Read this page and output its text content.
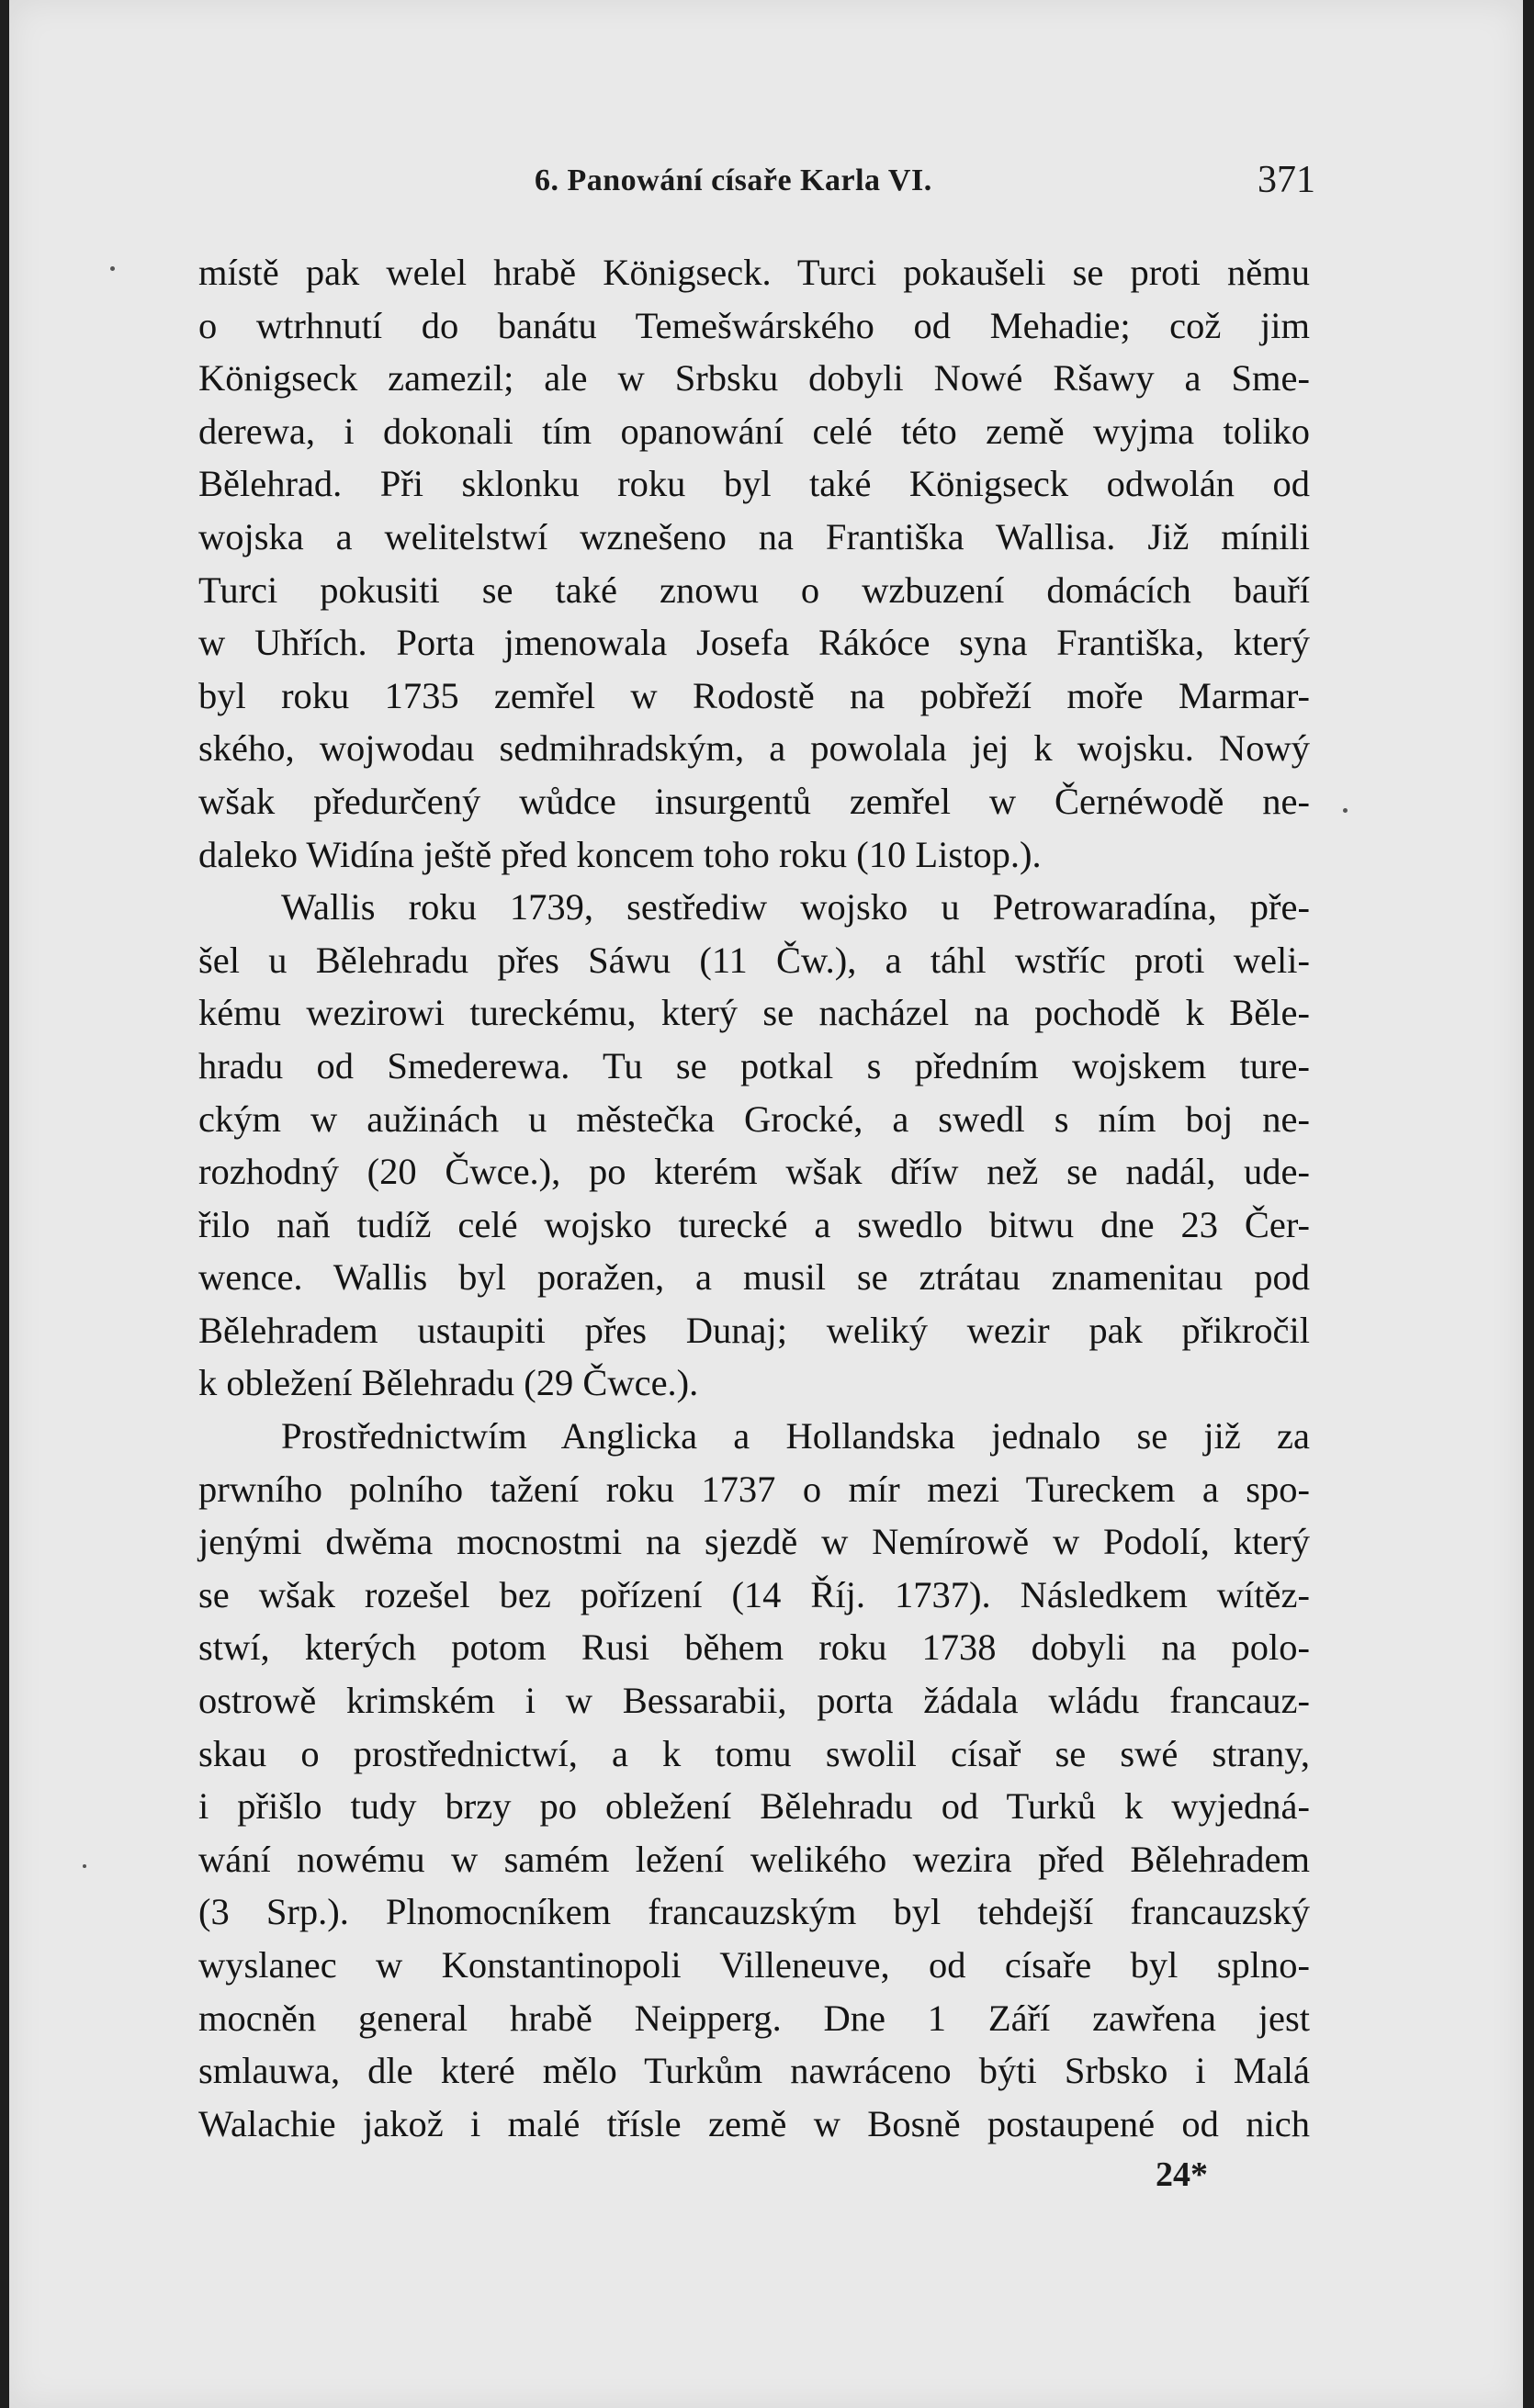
6. Panowání císaře Karla VI.	371
místě pak welel hrabě Königseck. Turci pokaušeli se proti němu
o wtrhnutí do banátu Temešwárského od Mehadie; což jim
Königseck zamezil; ale w Srbsku dobyli Nowé Ršawy a Sme-
derewa, i dokonali tím opanowání celé této země wyjma toliko
Bělehrad. Při sklonku roku byl také Königseck odwolán od
wojska a welitelstwí wznešeno na Františka Wallisa. Již mínili
Turci pokusiti se také znowu o wzbuzení domácích bauří
w Uhřích. Porta jmenowala Josefa Rákóce syna Františka, který
byl roku 1735 zemřel w Rodostě na pobřeží moře Marmar-
ského, wojwodau sedmihradským, a powolala jej k wojsku. Nowý
wšak předurčený wůdce insurgentů zemřel w Černéwodě ne-
daleko Widína ještě před koncem toho roku (10 Listop.).
Wallis roku 1739, sestřediw wojsko u Petrowaradína, pře-
šel u Bělehradu přes Sáwu (11 Čw.), a táhl wstříc proti weli-
kému wezirowi tureckému, který se nacházel na pochodě k Běle-
hradu od Smederewa. Tu se potkal s předním wojskem ture-
ckým w aužinách u městečka Grocké, a swedl s ním boj ne-
rozhodný (20 Čwce.), po kterém wšak dříw než se nadál, ude-
řilo naň tudíž celé wojsko turecké a swedlo bitwu dne 23 Čer-
wence. Wallis byl poražen, a musil se ztrátau znamenitau pod
Bělehradem ustaupiti přes Dunaj; weliký wezir pak přikročil
k obležení Bělehradu (29 Čwce.).
Prostřednictwím Anglicka a Hollandska jednalo se již za
prwního polního tažení roku 1737 o mír mezi Tureckem a spo-
jenými dwěma mocnostmi na sjezdě w Nemírowě w Podolí, který
se wšak rozešel bez pořízení (14 Říj. 1737). Následkem wítěz-
stwí, kterých potom Rusi během roku 1738 dobyli na polo-
ostrowě krimském i w Bessarabii, porta žádala wládu francauz-
skau o prostřednictwí, a k tomu swolil císař se swé strany,
i přišlo tudy brzy po obležení Bělehradu od Turků k wyjedná-
wání nowému w samém ležení welikého wezira před Bělehradem
(3 Srp.). Plnomocníkem francauzským byl tehdejší francauzský
wyslanec w Konstantinopoli Villeneuve, od císaře byl splno-
mocněn general hrabě Neipperg. Dne 1 Září zawřena jest
smlauwa, dle které mělo Turkům nawráceno býti Srbsko i Malá
Walachie jakož i malé třísle země w Bosně postaupené od nich
24*
